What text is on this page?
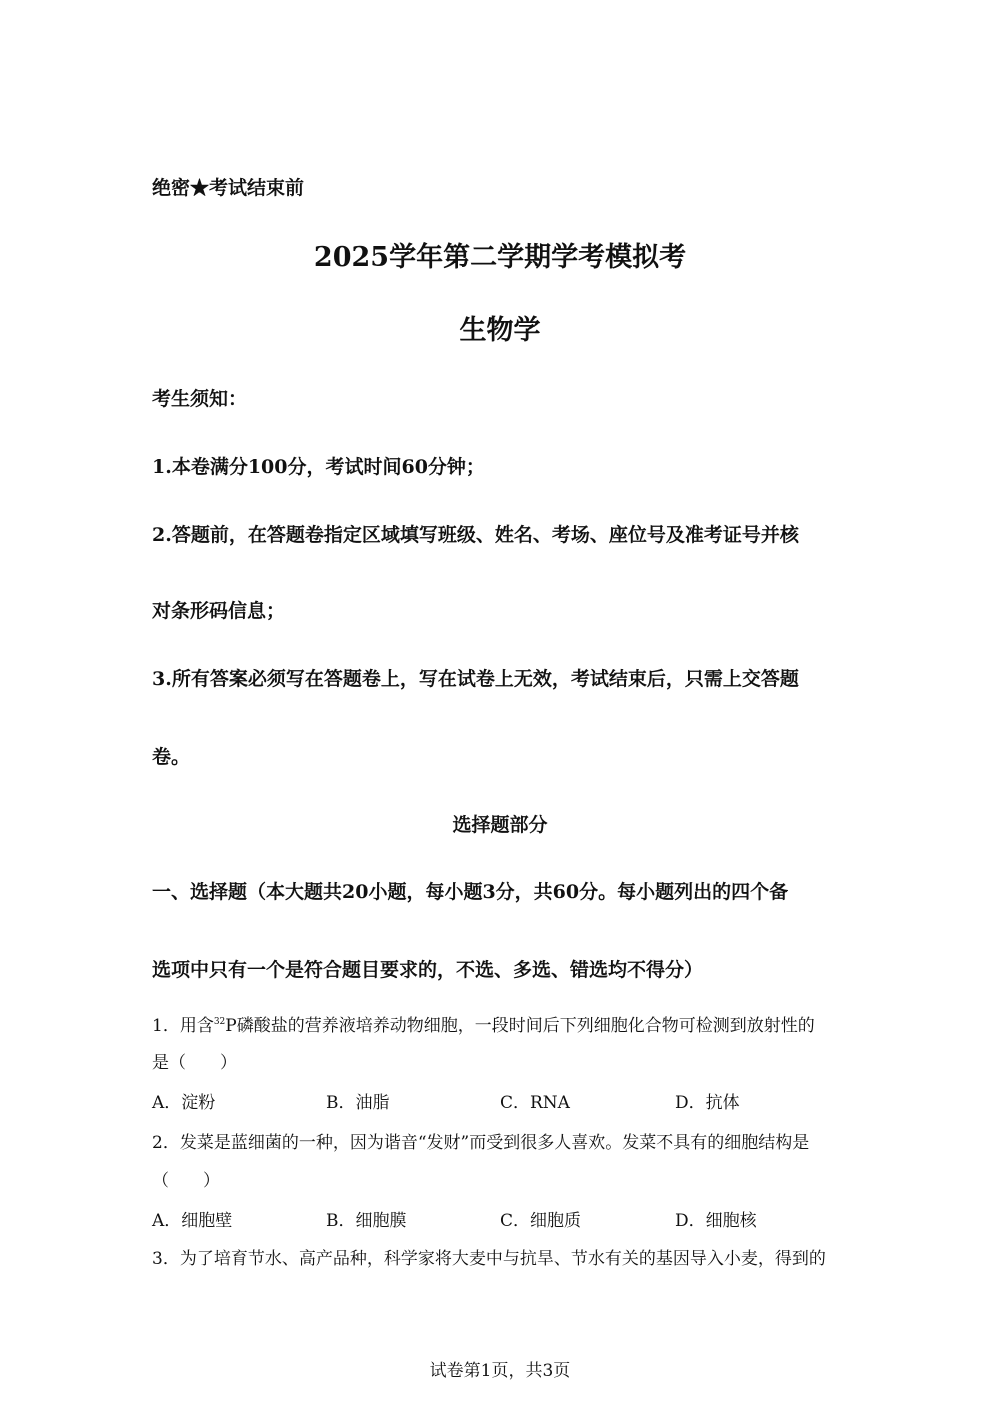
绝密★考试结束前
2025学年第二学期学考模拟考
生物学
考生须知：
1.本卷满分100分，考试时间60分钟；
2.答题前，在答题卷指定区域填写班级、姓名、考场、座位号及准考证号并核
对条形码信息；
3.所有答案必须写在答题卷上，写在试卷上无效，考试结束后，只需上交答题
卷。
选择题部分
一、选择题（本大题共20小题，每小题3分，共60分。每小题列出的四个备
选项中只有一个是符合题目要求的，不选、多选、错选均不得分）
1．用含$^{32}$P磷酸盐的营养液培养动物细胞，一段时间后下列细胞化合物可检测到放射性的
是（　　）
A．淀粉	B．油脂	C．RNA	D．抗体
2．发菜是蓝细菌的一种，因为谐音“发财”而受到很多人喜欢。发菜不具有的细胞结构是
（　　）
A．细胞壁	B．细胞膜	C．细胞质	D．细胞核
3．为了培育节水、高产品种，科学家将大麦中与抗旱、节水有关的基因导入小麦，得到的
试卷第1页，共3页
